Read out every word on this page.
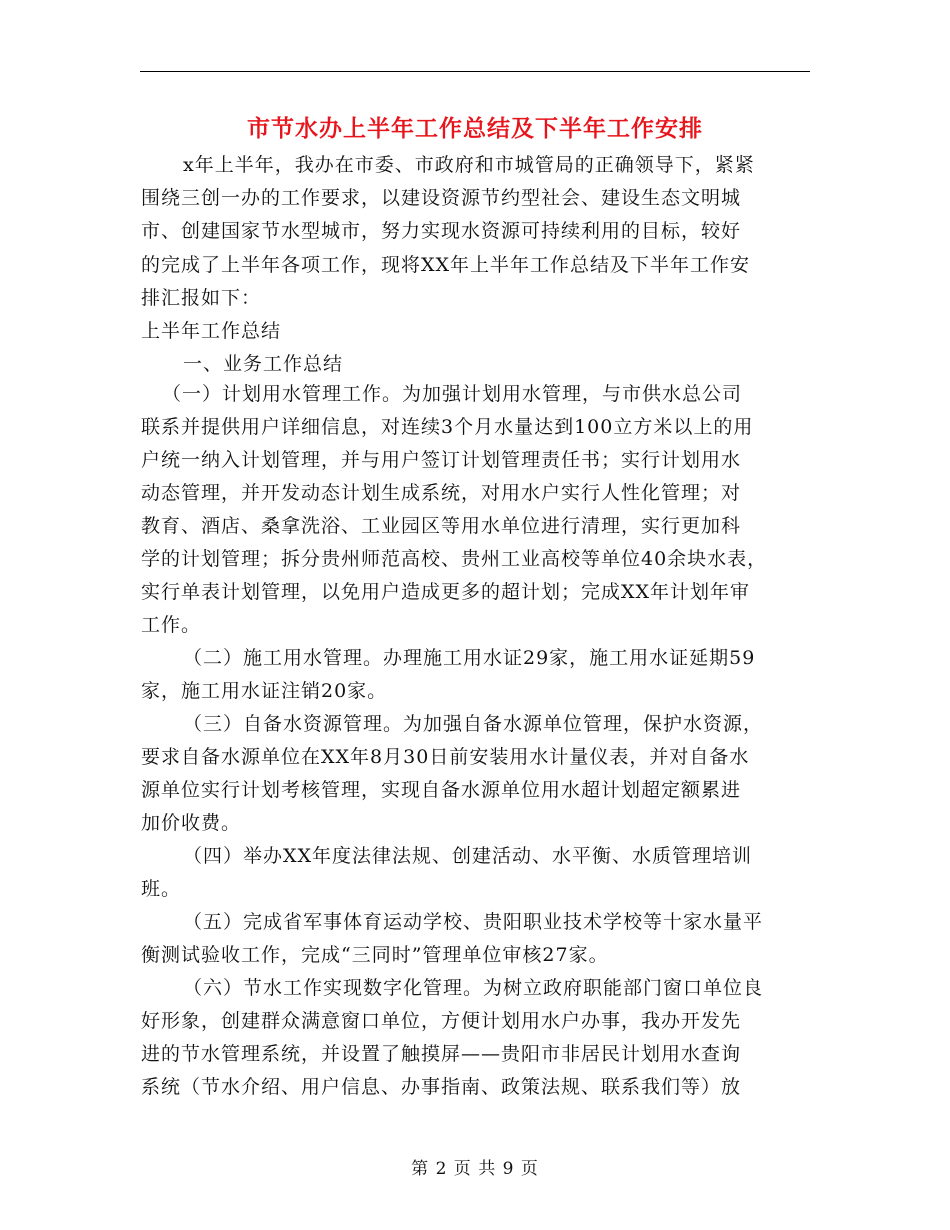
市节水办上半年工作总结及下半年工作安排
x年上半年，我办在市委、市政府和市城管局的正确领导下，紧紧
围绕三创一办的工作要求，以建设资源节约型社会、建设生态文明城
市、创建国家节水型城市，努力实现水资源可持续利用的目标，较好
的完成了上半年各项工作，现将XX年上半年工作总结及下半年工作安
排汇报如下：
上半年工作总结
一、业务工作总结
（一）计划用水管理工作。为加强计划用水管理，与市供水总公司
联系并提供用户详细信息，对连续3个月水量达到100立方米以上的用
户统一纳入计划管理，并与用户签订计划管理责任书；实行计划用水
动态管理，并开发动态计划生成系统，对用水户实行人性化管理；对
教育、酒店、桑拿洗浴、工业园区等用水单位进行清理，实行更加科
学的计划管理；拆分贵州师范高校、贵州工业高校等单位40余块水表，
实行单表计划管理，以免用户造成更多的超计划；完成XX年计划年审
工作。
（二）施工用水管理。办理施工用水证29家，施工用水证延期59
家，施工用水证注销20家。
（三）自备水资源管理。为加强自备水源单位管理，保护水资源，
要求自备水源单位在XX年8月30日前安装用水计量仪表，并对自备水
源单位实行计划考核管理，实现自备水源单位用水超计划超定额累进
加价收费。
（四）举办XX年度法律法规、创建活动、水平衡、水质管理培训
班。
（五）完成省军事体育运动学校、贵阳职业技术学校等十家水量平
衡测试验收工作，完成“三同时”管理单位审核27家。
（六）节水工作实现数字化管理。为树立政府职能部门窗口单位良
好形象，创建群众满意窗口单位，方便计划用水户办事，我办开发先
进的节水管理系统，并设置了触摸屏——贵阳市非居民计划用水查询
系统（节水介绍、用户信息、办事指南、政策法规、联系我们等）放
第 2 页 共 9 页
